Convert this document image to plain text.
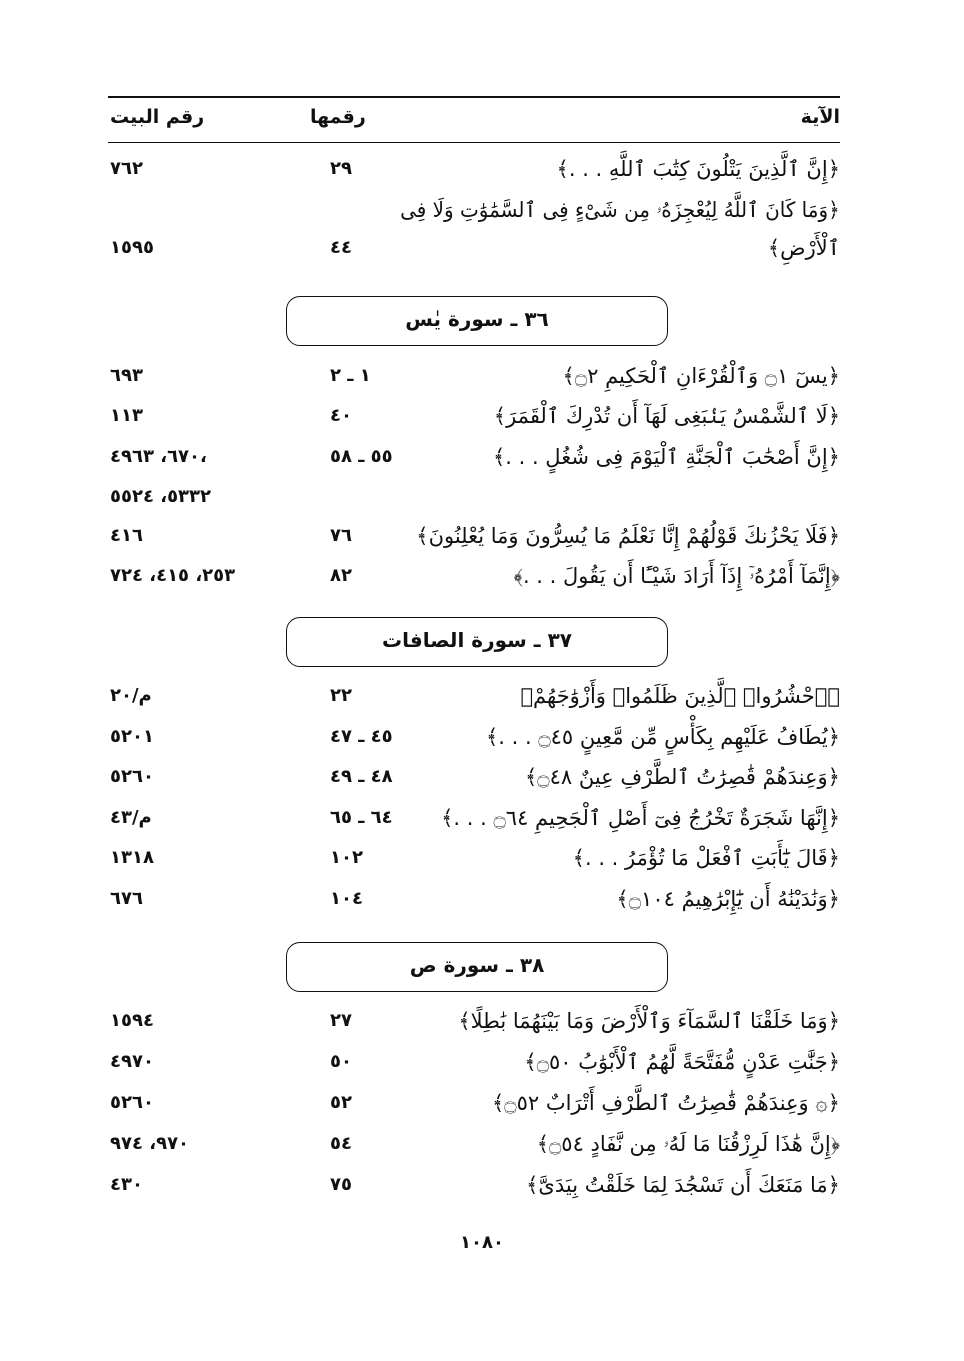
الآية
رقمها
رقم البيت
﴿إِنَّ ٱلَّذِينَ يَتْلُونَ كِتَٰبَ ٱللَّهِ . . .﴾
٢٩
٧٦٢
﴿وَمَا كَانَ ٱللَّهُ لِيُعْجِزَهُۥ مِن شَىْءٍ فِى ٱلسَّمَٰوَٰتِ وَلَا فِى
ٱلْأَرْضِ﴾
٤٤
١٥٩٥
٣٦ ـ سورة يٰس
﴿يسٓ ۝١ وَٱلْقُرْءَانِ ٱلْحَكِيمِ ۝٢﴾
١ ـ ٢
٦٩٣
﴿لَا ٱلشَّمْسُ يَنۢبَغِى لَهَآ أَن تُدْرِكَ ٱلْقَمَرَ﴾
٤٠
١١٣
﴿إِنَّ أَصْحَٰبَ ٱلْجَنَّةِ ٱلْيَوْمَ فِى شُغُلٍ . . .﴾
٥٥ ـ ٥٨
٦٧٠، ٤٩٦٣،
٥٣٣٢، ٥٥٢٤
﴿فَلَا يَحْزُنكَ قَوْلُهُمْ إِنَّا نَعْلَمُ مَا يُسِرُّونَ وَمَا يُعْلِنُونَ﴾
٧٦
٤١٦
﴿إِنَّمَآ أَمْرُهُۥٓ إِذَآ أَرَادَ شَيْـًٔا أَن يَقُولَ . . .﴾
٨٢
٢٥٣، ٤١٥، ٧٢٤
٣٧ ـ سورة الصافات
﴿ٱحْشُرُوا۟ ٱلَّذِينَ ظَلَمُوا۟ وَأَزْوَٰجَهُمْ﴾
٢٢
م/٢٠
﴿يُطَافُ عَلَيْهِم بِكَأْسٍ مِّن مَّعِينٍ ۝٤٥ . . .﴾
٤٥ ـ ٤٧
٥٢٠١
﴿وَعِندَهُمْ قَٰصِرَٰتُ ٱلطَّرْفِ عِينٌ ۝٤٨﴾
٤٨ ـ ٤٩
٥٢٦٠
﴿إِنَّهَا شَجَرَةٌ تَخْرُجُ فِىٓ أَصْلِ ٱلْجَحِيمِ ۝٦٤ . . .﴾
٦٤ ـ ٦٥
م/٤٣
﴿قَالَ يَٰٓأَبَتِ ٱفْعَلْ مَا تُؤْمَرُ . . .﴾
١٠٢
١٣١٨
﴿وَنَٰدَيْنَٰهُ أَن يَٰٓإِبْرَٰهِيمُ ۝١٠٤﴾
١٠٤
٦٧٦
٣٨ ـ سورة ص
﴿وَمَا خَلَقْنَا ٱلسَّمَآءَ وَٱلْأَرْضَ وَمَا بَيْنَهُمَا بَٰطِلًا﴾
٢٧
١٥٩٤
﴿جَنَّٰتِ عَدْنٍ مُّفَتَّحَةً لَّهُمُ ٱلْأَبْوَٰبُ ۝٥٠﴾
٥٠
٤٩٧٠
﴿۞ وَعِندَهُمْ قَٰصِرَٰتُ ٱلطَّرْفِ أَتْرَابٌ ۝٥٢﴾
٥٢
٥٢٦٠
﴿إِنَّ هَٰذَا لَرِزْقُنَا مَا لَهُۥ مِن نَّفَادٍ ۝٥٤﴾
٥٤
٩٧٠، ٩٧٤
﴿مَا مَنَعَكَ أَن تَسْجُدَ لِمَا خَلَقْتُ بِيَدَىَّ﴾
٧٥
٤٣٠
١٠٨٠
